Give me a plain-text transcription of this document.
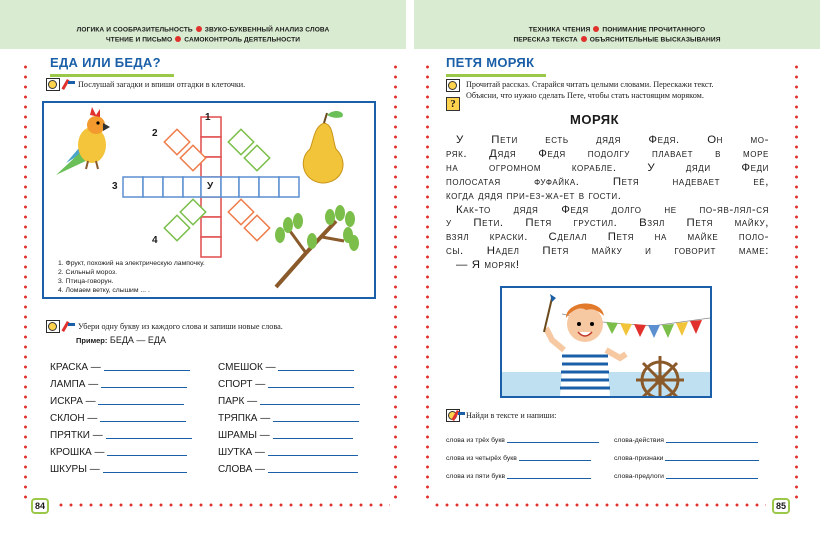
ЛОГИКА И СООБРАЗИТЕЛЬНОСТЬ ЗВУКО-БУКВЕННЫЙ АНАЛИЗ СЛОВА
ЧТЕНИЕ И ПИСЬМО САМОКОНТРОЛЬ ДЕЯТЕЛЬНОСТИ
ЕДА ИЛИ БЕДА?
Послушай загадки и впиши отгадки в клеточки.
1
2
3
4
У
1. Фрукт, похожий на электрическую лампочку.
2. Сильный мороз.
3. Птица-говорун.
4. Ломаем ветку, слышим ... .
Убери одну букву из каждого слова и запиши новые слова.
Пример: БЕДА — ЕДА
КРАСКА —
ЛАМПА —
ИСКРА —
СКЛОН —
ПРЯТКИ —
КРОШКА —
ШКУРЫ —
СМЕШОК —
СПОРТ —
ПАРК —
ТРЯПКА —
ШРАМЫ —
ШУТКА —
СЛОВА —
84
ТЕХНИКА ЧТЕНИЯ ПОНИМАНИЕ ПРОЧИТАННОГО
ПЕРЕСКАЗ ТЕКСТА ОБЪЯСНИТЕЛЬНЫЕ ВЫСКАЗЫВАНИЯ
ПЕТЯ МОРЯК
?
Прочитай рассказ. Старайся читать целыми словами. Перескажи текст.
Объясни, что нужно сделать Пете, чтобы стать настоящим моряком.
МОРЯК

У Пети есть дядя Федя. Он мо-

ряк. Дядя Федя подолгу плавает в море

на огромном корабле. У дяди Феди

полосатая фуфайка. Петя надевает её,

когда дядя при-ез-жа-ет в гости.

Как-то дядя Федя долго не по-яв-лял-ся

у Пети. Петя грустил. Взял Петя майку,

взял краски. Сделал Петя на майке поло-

сы. Надел Петя майку и говорит маме:

— Я моряк!

Найди в тексте и напиши:
слова из трёх букв
слова из четырёх букв
слова из пяти букв
слова-действия
слова-признаки
слова-предлоги
85
